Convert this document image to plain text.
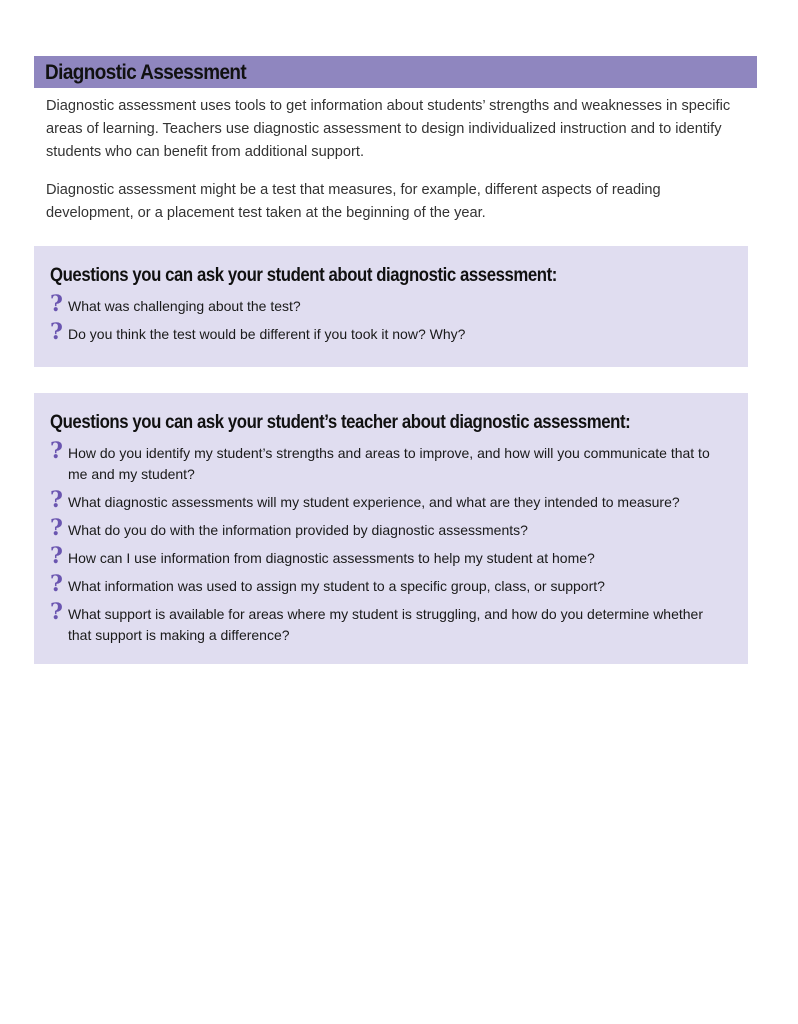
Diagnostic Assessment

Diagnostic assessment uses tools to get information about students’ strengths and weaknesses in specific areas of learning. Teachers use diagnostic assessment to design individualized instruction and to identify students who can benefit from additional support.

Diagnostic assessment might be a test that measures, for example, different aspects of reading development, or a placement test taken at the beginning of the year.

Questions you can ask your student about diagnostic assessment:
? What was challenging about the test?
? Do you think the test would be different if you took it now? Why?
Questions you can ask your student’s teacher about diagnostic assessment:
? How do you identify my student’s strengths and areas to improve, and how will you communicate that to me and my student?
? What diagnostic assessments will my student experience, and what are they intended to measure?
? What do you do with the information provided by diagnostic assessments?
? How can I use information from diagnostic assessments to help my student at home?
? What information was used to assign my student to a specific group, class, or support?
? What support is available for areas where my student is struggling, and how do you determine whether that support is making a difference?
